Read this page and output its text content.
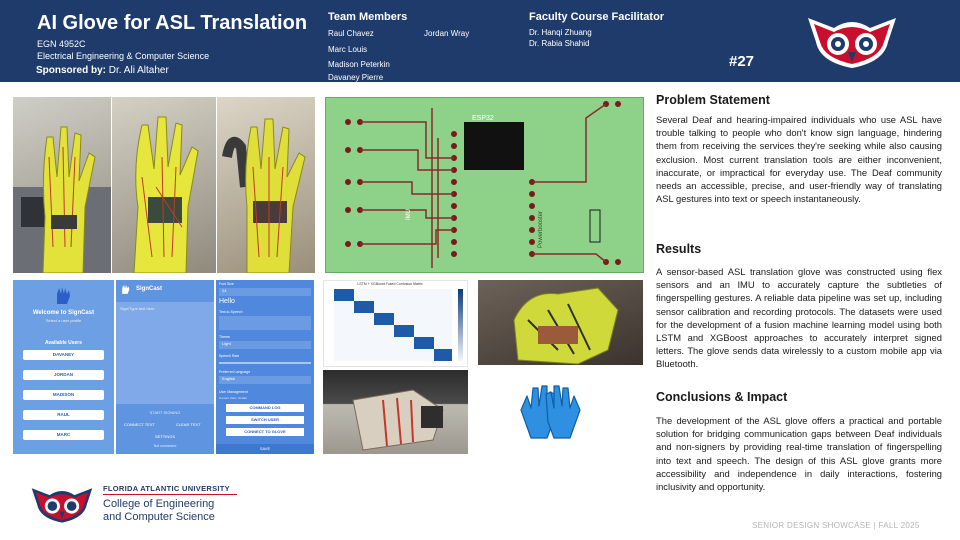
AI Glove for ASL Translation
EGN 4952C
Electrical Engineering & Computer Science
Sponsored by: Dr. Ali Altaher
Team Members
Raul Chavez
Marc Louis
Madison Peterkin
Davaney Pierre
Jordan Wray
Faculty Course Facilitator
Dr. Hanqi Zhuang
Dr. Rabia Shahid
#27
ESP32
Powerbooster
IMU
Welcome to SignCast
Select a user profile
Available Users
DAVANEY
JORDAN
MADISON
RAUL
MARC
SignCast
Sign/Type text here
START SIGNING
CONNECT TEXT	CLEAR TEXT
SETTINGS
Not connected
Font Size
24
Hello
Text-to-Speech
Theme
Light
Speech Rate
Preferred Language
English
User Management
Current User: Jordan
COMMAND LOG
SWITCH USER
CONNECT TO GLOVE
SAVE
LSTM + XGBoost Fused Confusion Matrix
Problem Statement
Several Deaf and hearing-impaired individuals who use ASL have trouble talking to people who don't know sign language, hindering them from receiving the services they're seeking while also causing exclusion. Most current translation tools are either inconvenient, inaccurate, or impractical for everyday use. The Deaf community needs an accessible, precise, and user-friendly way of translating ASL gestures into text or speech instantaneously.
Results
A sensor-based ASL translation glove was constructed using flex sensors and an IMU to accurately capture the subtleties of fingerspelling gestures. A reliable data pipeline was set up, including sensor calibration and recording protocols. The datasets were used for the development of a fusion machine learning model using both LSTM and XGBoost approaches to accurately interpret signed letters. The glove sends data wirelessly to a custom mobile app via Bluetooth.
Conclusions & Impact
The development of the ASL glove offers a practical and portable solution for bridging communication gaps between Deaf individuals and non-signers by providing real-time translation of fingerspelling into text and speech. The design of this ASL glove grants more accessibility and independence in daily interactions, fostering inclusivity and opportunity.
FLORIDA ATLANTIC UNIVERSITY
College of Engineering
and Computer Science
SENIOR DESIGN SHOWCASE | FALL 2025
